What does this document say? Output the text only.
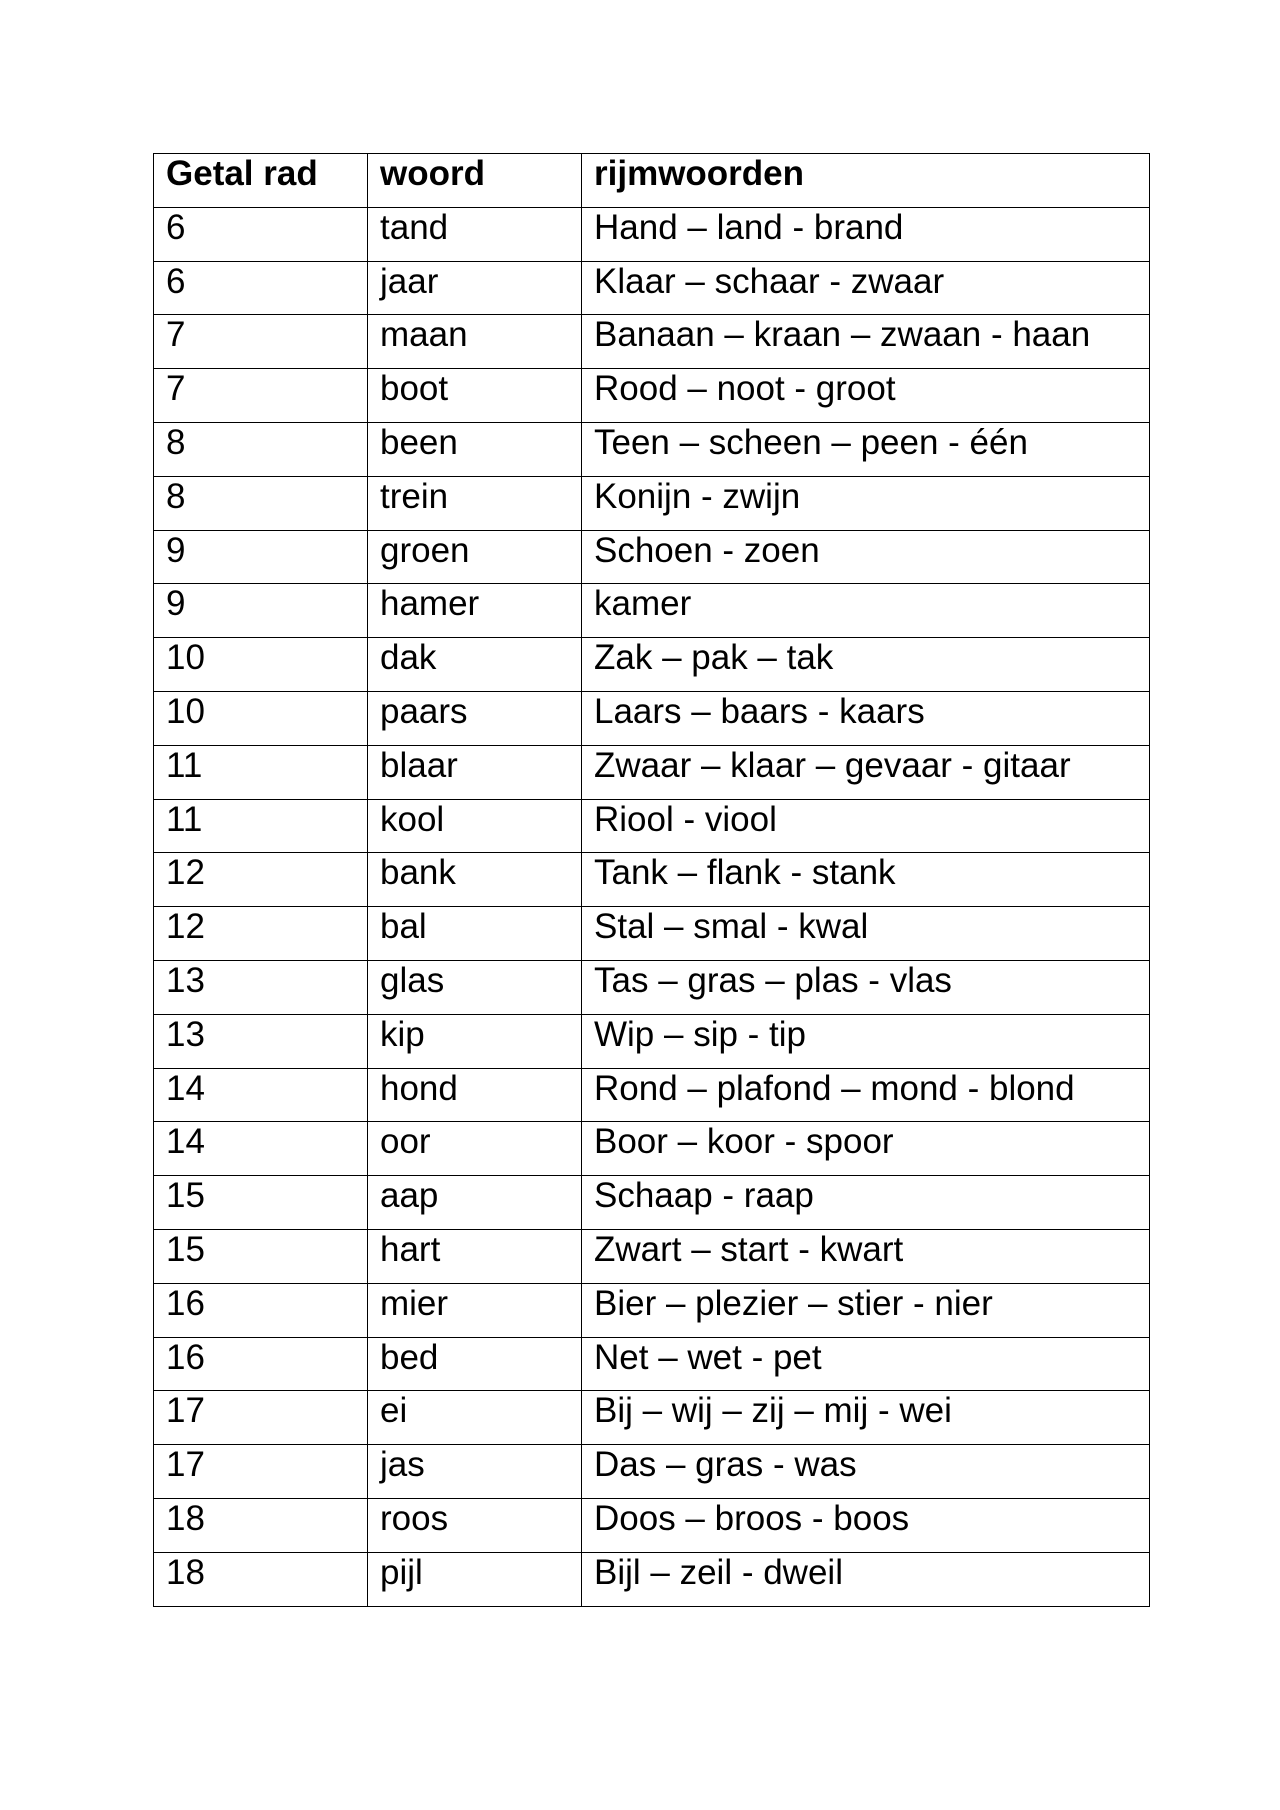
Getal rad	woord	rijmwoorden
6	tand	Hand – land - brand
6	jaar	Klaar – schaar - zwaar
7	maan	Banaan – kraan – zwaan - haan
7	boot	Rood – noot - groot
8	been	Teen – scheen – peen - één
8	trein	Konijn - zwijn
9	groen	Schoen - zoen
9	hamer	kamer
10	dak	Zak – pak – tak
10	paars	Laars – baars - kaars
11	blaar	Zwaar – klaar – gevaar - gitaar
11	kool	Riool - viool
12	bank	Tank – flank - stank
12	bal	Stal – smal - kwal
13	glas	Tas – gras – plas - vlas
13	kip	Wip – sip - tip
14	hond	Rond – plafond – mond - blond
14	oor	Boor – koor - spoor
15	aap	Schaap - raap
15	hart	Zwart – start - kwart
16	mier	Bier – plezier – stier - nier
16	bed	Net – wet - pet
17	ei	Bij – wij – zij – mij - wei
17	jas	Das – gras - was
18	roos	Doos – broos - boos
18	pijl	Bijl – zeil - dweil
